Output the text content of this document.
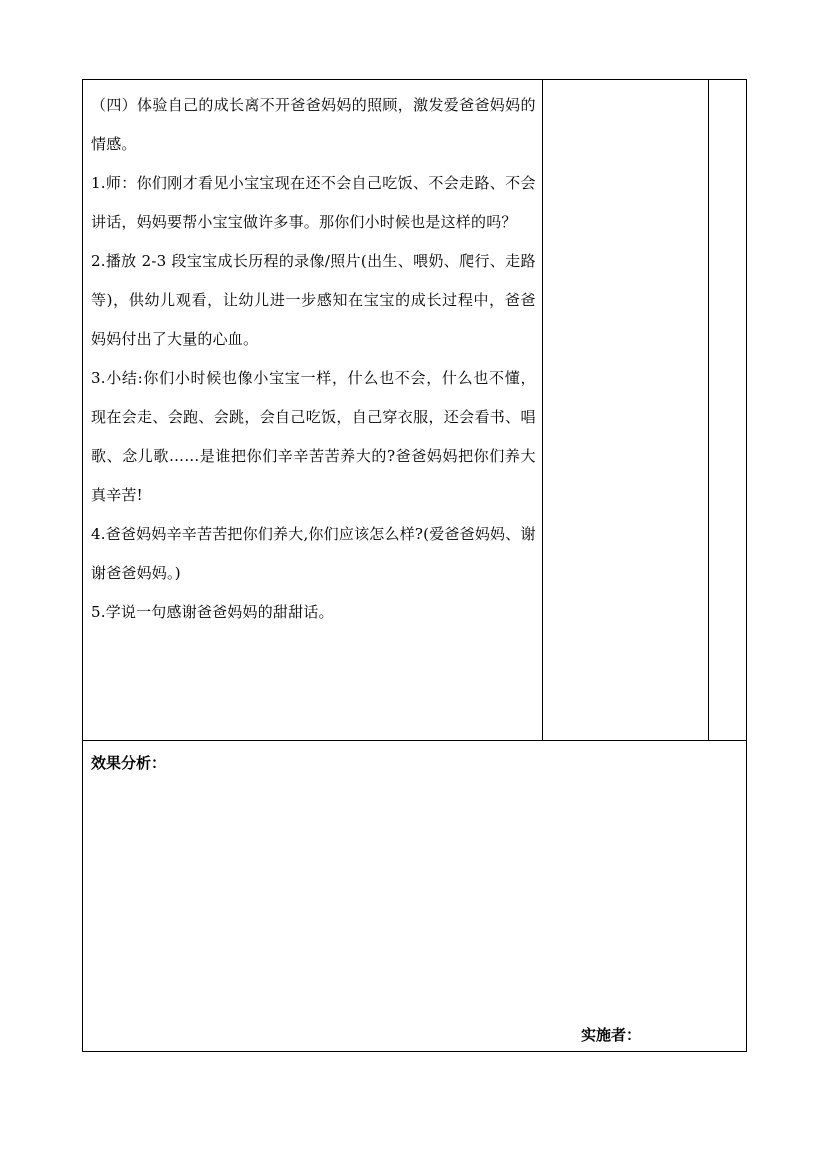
（四）体验自己的成长离不开爸爸妈妈的照顾，激发爱爸爸妈妈的情感。

1.师：你们刚才看见小宝宝现在还不会自己吃饭、不会走路、不会讲话，妈妈要帮小宝宝做许多事。那你们小时候也是这样的吗？

2.播放 2-3 段宝宝成长历程的录像/照片(出生、喂奶、爬行、走路等)，供幼儿观看，让幼儿进一步感知在宝宝的成长过程中，爸爸妈妈付出了大量的心血。

3.小结:你们小时候也像小宝宝一样，什么也不会，什么也不懂，现在会走、会跑、会跳，会自己吃饭，自己穿衣服，还会看书、唱歌、念儿歌……是谁把你们辛辛苦苦养大的?爸爸妈妈把你们养大真辛苦!

4.爸爸妈妈辛辛苦苦把你们养大,你们应该怎么样?(爱爸爸妈妈、谢谢爸爸妈妈。)

5.学说一句感谢爸爸妈妈的甜甜话。

效果分析：
实施者：
